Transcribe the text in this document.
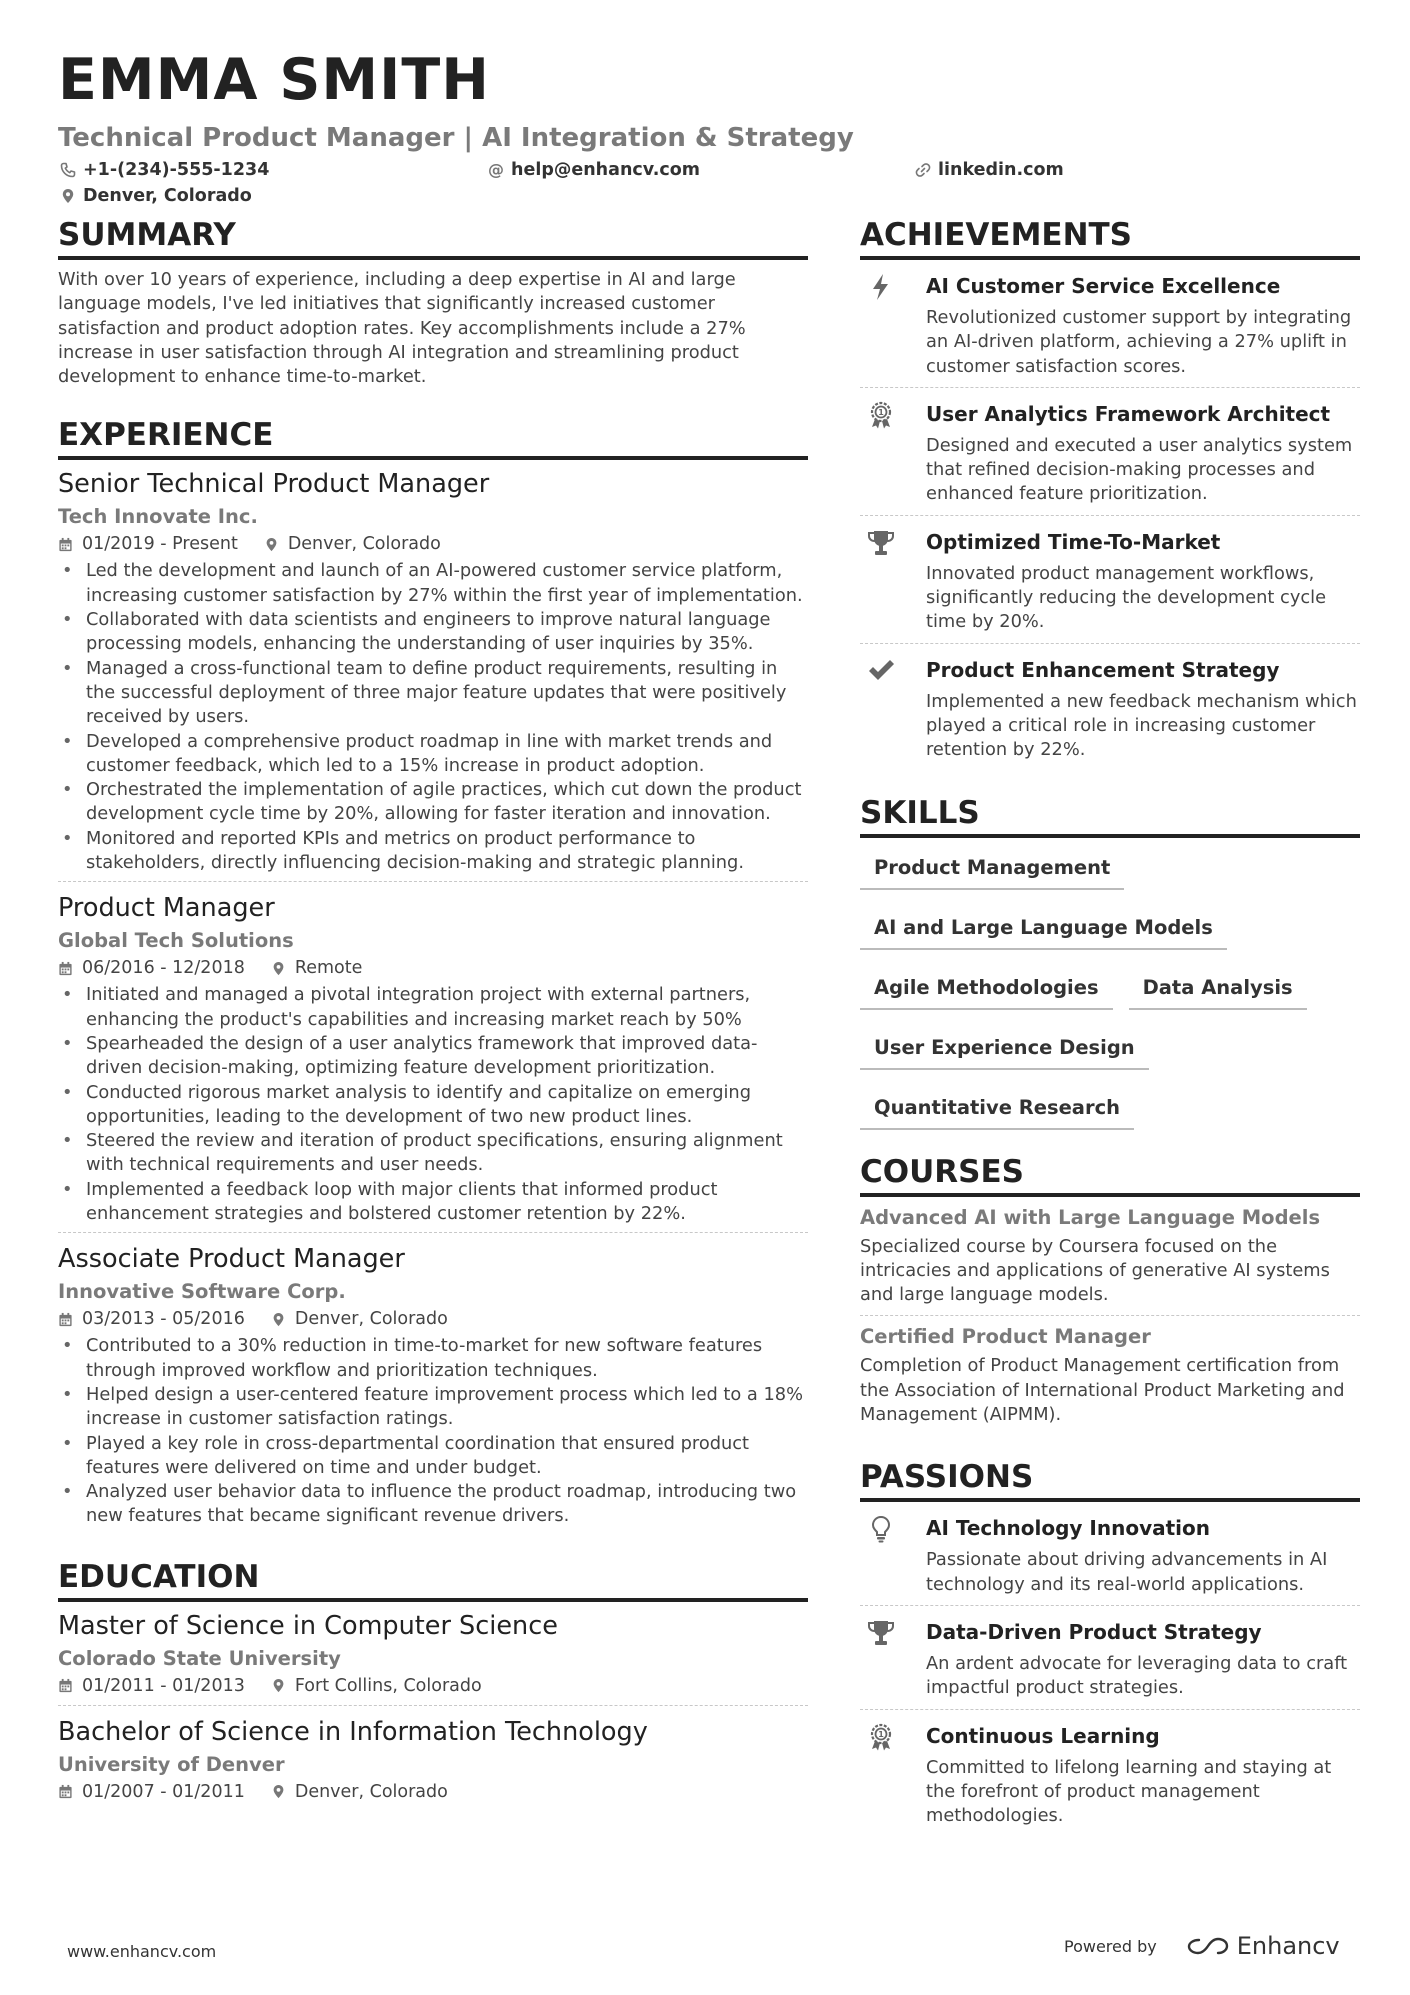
EMMA SMITH
Technical Product Manager | AI Integration & Strategy
+1-(234)-555-1234	@ help@enhancv.com	linkedin.com
Denver, Colorado
SUMMARY
With over 10 years of experience, including a deep expertise in AI and large language models, I've led initiatives that significantly increased customer satisfaction and product adoption rates. Key accomplishments include a 27% increase in user satisfaction through AI integration and streamlining product development to enhance time-to-market.
EXPERIENCE
Senior Technical Product Manager
Tech Innovate Inc.
01/2019 - Present	Denver, Colorado
• Led the development and launch of an AI-powered customer service platform, increasing customer satisfaction by 27% within the first year of implementation.
• Collaborated with data scientists and engineers to improve natural language processing models, enhancing the understanding of user inquiries by 35%.
• Managed a cross-functional team to define product requirements, resulting in the successful deployment of three major feature updates that were positively received by users.
• Developed a comprehensive product roadmap in line with market trends and customer feedback, which led to a 15% increase in product adoption.
• Orchestrated the implementation of agile practices, which cut down the product development cycle time by 20%, allowing for faster iteration and innovation.
• Monitored and reported KPIs and metrics on product performance to stakeholders, directly influencing decision-making and strategic planning.
Product Manager
Global Tech Solutions
06/2016 - 12/2018	Remote
• Initiated and managed a pivotal integration project with external partners, enhancing the product's capabilities and increasing market reach by 50%
• Spearheaded the design of a user analytics framework that improved data-driven decision-making, optimizing feature development prioritization.
• Conducted rigorous market analysis to identify and capitalize on emerging opportunities, leading to the development of two new product lines.
• Steered the review and iteration of product specifications, ensuring alignment with technical requirements and user needs.
• Implemented a feedback loop with major clients that informed product enhancement strategies and bolstered customer retention by 22%.
Associate Product Manager
Innovative Software Corp.
03/2013 - 05/2016	Denver, Colorado
• Contributed to a 30% reduction in time-to-market for new software features through improved workflow and prioritization techniques.
• Helped design a user-centered feature improvement process which led to a 18% increase in customer satisfaction ratings.
• Played a key role in cross-departmental coordination that ensured product features were delivered on time and under budget.
• Analyzed user behavior data to influence the product roadmap, introducing two new features that became significant revenue drivers.
EDUCATION
Master of Science in Computer Science
Colorado State University
01/2011 - 01/2013	Fort Collins, Colorado
Bachelor of Science in Information Technology
University of Denver
01/2007 - 01/2011	Denver, Colorado
ACHIEVEMENTS
AI Customer Service Excellence
Revolutionized customer support by integrating an AI-driven platform, achieving a 27% uplift in customer satisfaction scores.
1 User Analytics Framework Architect
Designed and executed a user analytics system that refined decision-making processes and enhanced feature prioritization.
Optimized Time-To-Market
Innovated product management workflows, significantly reducing the development cycle time by 20%.
Product Enhancement Strategy
Implemented a new feedback mechanism which played a critical role in increasing customer retention by 22%.
SKILLS
Product Management
AI and Large Language Models
Agile Methodologies	Data Analysis
User Experience Design
Quantitative Research
COURSES
Advanced AI with Large Language Models
Specialized course by Coursera focused on the intricacies and applications of generative AI systems and large language models.
Certified Product Manager
Completion of Product Management certification from the Association of International Product Marketing and Management (AIPMM).
PASSIONS
AI Technology Innovation
Passionate about driving advancements in AI technology and its real-world applications.
Data-Driven Product Strategy
An ardent advocate for leveraging data to craft impactful product strategies.
1 Continuous Learning
Committed to lifelong learning and staying at the forefront of product management methodologies.
www.enhancv.com	Powered by	Enhancv
